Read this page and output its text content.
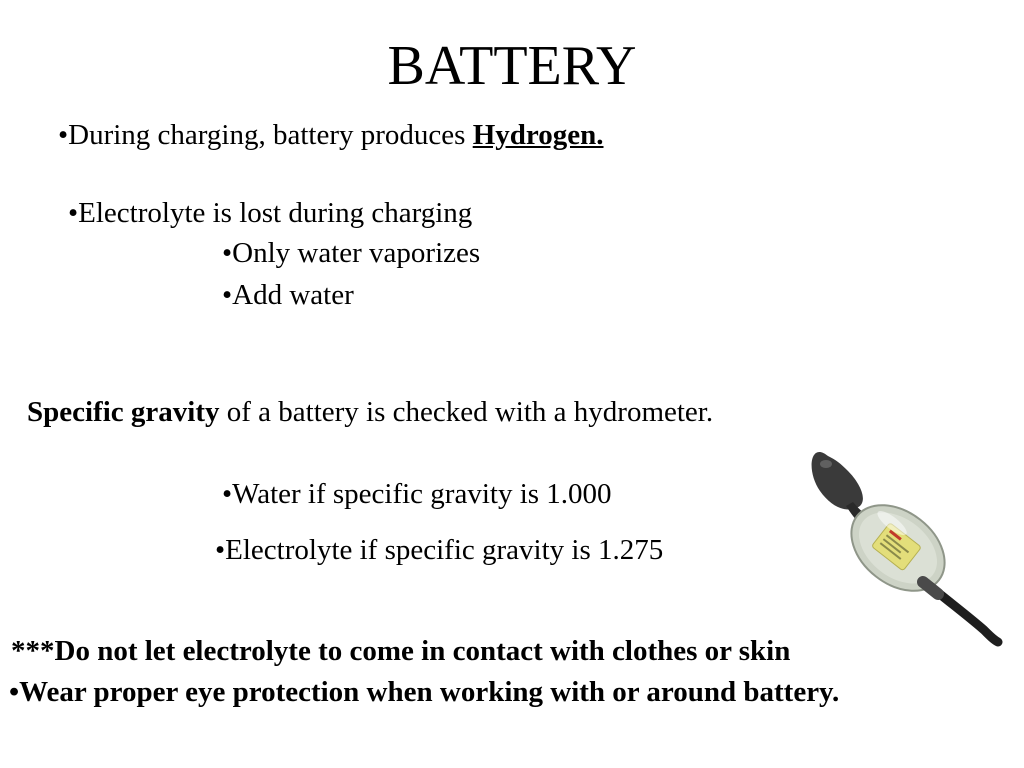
BATTERY
•During charging, battery produces Hydrogen.
•Electrolyte is lost during charging
•Only water vaporizes
•Add water
Specific gravity of a battery is checked with a hydrometer.
•Water if specific gravity is 1.000
•Electrolyte if specific gravity is 1.275
***Do not let electrolyte to come in contact with clothes or skin
•Wear proper eye protection when working with or around battery.
